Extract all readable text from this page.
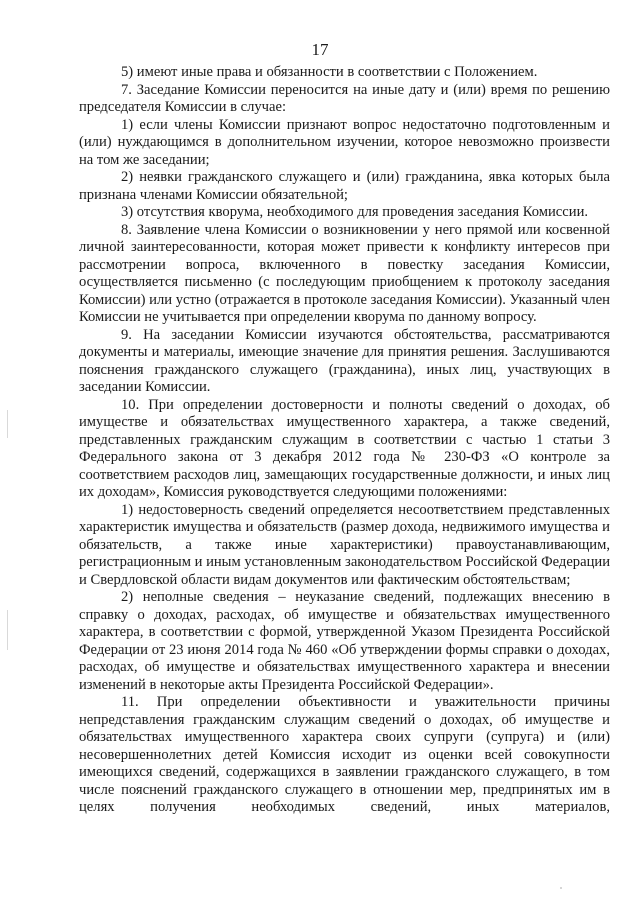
17

5) имеют иные права и обязанности в соответствии с Положением.

7. Заседание Комиссии переносится на иные дату и (или) время по решению председателя Комиссии в случае:

1) если члены Комиссии признают вопрос недостаточно подготовленным и (или) нуждающимся в дополнительном изучении, которое невозможно произвести на том же заседании;

2) неявки гражданского служащего и (или) гражданина, явка которых была признана членами Комиссии обязательной;

3) отсутствия кворума, необходимого для проведения заседания Комиссии.

8. Заявление члена Комиссии о возникновении у него прямой или косвенной личной заинтересованности, которая может привести к конфликту интересов при рассмотрении вопроса, включенного в повестку заседания Комиссии, осуществляется письменно (с последующим приобщением к протоколу заседания Комиссии) или устно (отражается в протоколе заседания Комиссии). Указанный член Комиссии не учитывается при определении кворума по данному вопросу.

9. На заседании Комиссии изучаются обстоятельства, рассматриваются документы и материалы, имеющие значение для принятия решения. Заслушиваются пояснения гражданского служащего (гражданина), иных лиц, участвующих в заседании Комиссии.

10. При определении достоверности и полноты сведений о доходах, об имуществе и обязательствах имущественного характера, а также сведений, представленных гражданским служащим в соответствии с частью 1 статьи 3 Федерального закона от 3 декабря 2012 года № 230-ФЗ «О контроле за соответствием расходов лиц, замещающих государственные должности, и иных лиц их доходам», Комиссия руководствуется следующими положениями:

1) недостоверность сведений определяется несоответствием представленных характеристик имущества и обязательств (размер дохода, недвижимого имущества и обязательств, а также иные характеристики) правоустанавливающим, регистрационным и иным установленным законодательством Российской Федерации и Свердловской области видам документов или фактическим обстоятельствам;

2) неполные сведения – неуказание сведений, подлежащих внесению в справку о доходах, расходах, об имуществе и обязательствах имущественного характера, в соответствии с формой, утвержденной Указом Президента Российской Федерации от 23 июня 2014 года № 460 «Об утверждении формы справки о доходах, расходах, об имуществе и обязательствах имущественного характера и внесении изменений в некоторые акты Президента Российской Федерации».

11. При определении объективности и уважительности причины непредставления гражданским служащим сведений о доходах, об имуществе и обязательствах имущественного характера своих супруги (супруга) и (или) несовершеннолетних детей Комиссия исходит из оценки всей совокупности имеющихся сведений, содержащихся в заявлении гражданского служащего, в том числе пояснений гражданского служащего в отношении мер, предпринятых им в целях получения необходимых сведений, иных материалов,
